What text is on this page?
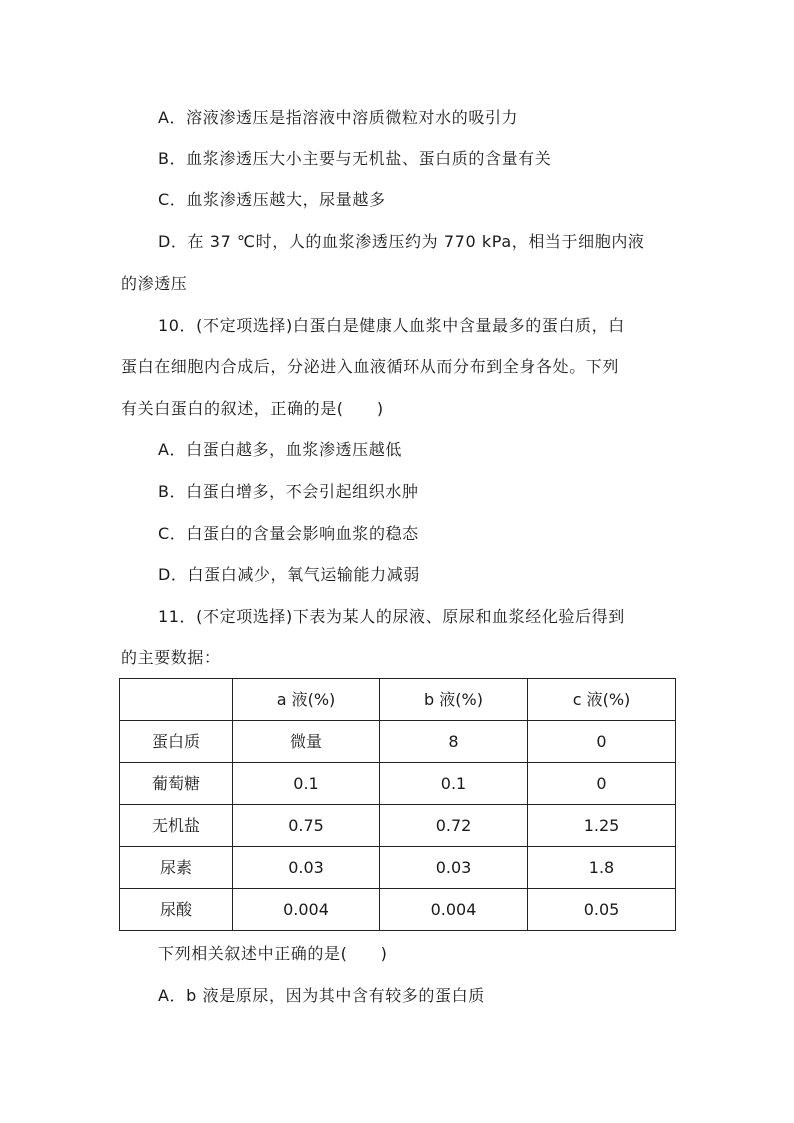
A．溶液渗透压是指溶液中溶质微粒对水的吸引力
B．血浆渗透压大小主要与无机盐、蛋白质的含量有关
C．血浆渗透压越大，尿量越多
D．在 37 ℃时，人的血浆渗透压约为 770 kPa，相当于细胞内液
的渗透压
10．(不定项选择)白蛋白是健康人血浆中含量最多的蛋白质，白
蛋白在细胞内合成后，分泌进入血液循环从而分布到全身各处。下列
有关白蛋白的叙述，正确的是(　　)
A．白蛋白越多，血浆渗透压越低
B．白蛋白增多，不会引起组织水肿
C．白蛋白的含量会影响血浆的稳态
D．白蛋白减少，氧气运输能力减弱
11．(不定项选择)下表为某人的尿液、原尿和血浆经化验后得到
的主要数据：
	a 液(%)	b 液(%)	c 液(%)
蛋白质	微量	8	0
葡萄糖	0.1	0.1	0
无机盐	0.75	0.72	1.25
尿素	0.03	0.03	1.8
尿酸	0.004	0.004	0.05
下列相关叙述中正确的是(　　)
A．b 液是原尿，因为其中含有较多的蛋白质
